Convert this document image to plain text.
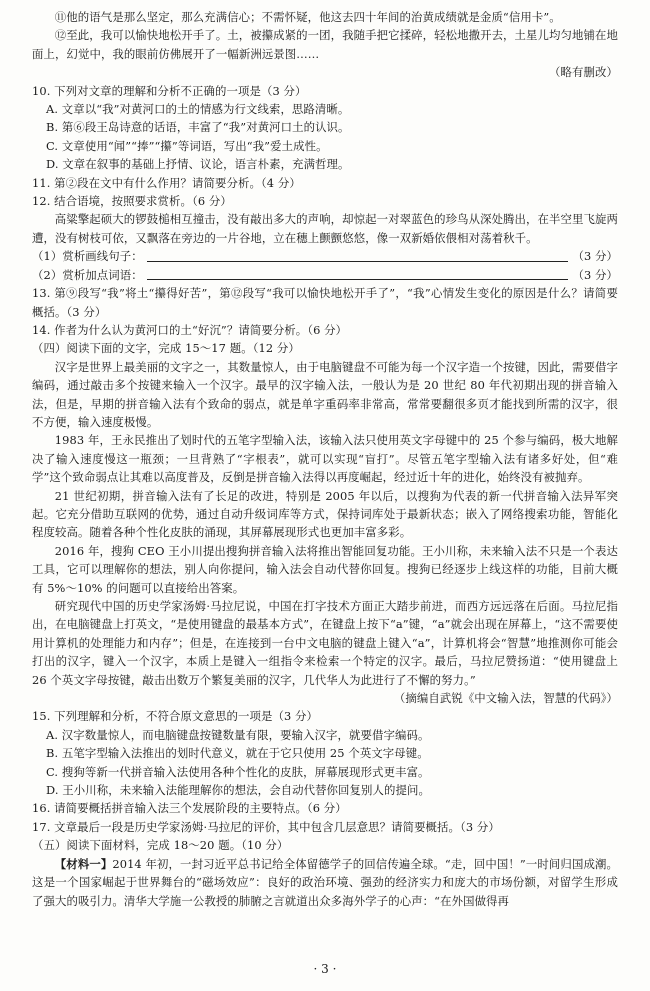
⑪他的语气是那么坚定，那么充满信心；不需怀疑，他这去四十年间的治黄成绩就是金质“信用卡”。

⑫至此，我可以愉快地松开手了。土，被攥成紧的一团，我随手把它揉碎，轻松地撒开去，土星儿均匀地铺在地面上，幻觉中，我的眼前仿佛展开了一幅新洲远景图……

（略有删改）

10. 下列对文章的理解和分析不正确的一项是（3 分）

A. 文章以“我”对黄河口的土的情感为行文线索，思路清晰。

B. 第⑥段王岛诗意的话语，丰富了“我”对黄河口土的认识。

C. 文章使用“闻”“捧”“攥”等词语，写出“我”爱土成性。

D. 文章在叙事的基础上抒情、议论，语言朴素，充满哲理。

11. 第②段在文中有什么作用？请简要分析。（4 分）

12. 结合语境，按照要求赏析。（6 分）

高粱擎起硕大的锣鼓槌相互撞击，没有敲出多大的声响，却惊起一对翠蓝色的珍鸟从深处腾出，在半空里飞旋两遭，没有树枝可依，又飘落在旁边的一片谷地，立在穗上颤颤悠悠，像一双新婚依偎相对荡着秋千。

（1）赏析画线句子：	（3 分）

（2）赏析加点词语：	（3 分）

13. 第⑨段写“我”将土“攥得好苦”，第⑫段写“我可以愉快地松开手了”，“我”心情发生变化的原因是什么？请简要概括。（3 分）

14. 作者为什么认为黄河口的土“好沉”？请简要分析。（6 分）

（四）阅读下面的文字，完成 15～17 题。（12 分）

汉字是世界上最美丽的文字之一，其数量惊人，由于电脑键盘不可能为每一个汉字造一个按键，因此，需要借字编码，通过敲击多个按键来输入一个汉字。最早的汉字输入法，一般认为是 20 世纪 80 年代初期出现的拼音输入法，但是，早期的拼音输入法有个致命的弱点，就是单字重码率非常高，常常要翻很多页才能找到所需的汉字，很不方便，输入速度极慢。

1983 年，王永民推出了划时代的五笔字型输入法，该输入法只使用英文字母键中的 25 个参与编码，极大地解决了输入速度慢这一瓶颈；一旦背熟了“字根表”，就可以实现“盲打”。尽管五笔字型输入法有诸多好处，但“难学”这个致命弱点让其难以高度普及，反倒是拼音输入法得以再度崛起，经过近十年的进化，始终没有被抛弃。

21 世纪初期，拼音输入法有了长足的改进，特别是 2005 年以后，以搜狗为代表的新一代拼音输入法异军突起。它充分借助互联网的优势，通过自动升级词库等方式，保持词库处于最新状态；嵌入了网络搜索功能，智能化程度较高。随着各种个性化皮肤的涌现，其屏幕展现形式也更加丰富多彩。

2016 年，搜狗 CEO 王小川提出搜狗拼音输入法将推出智能回复功能。王小川称，未来输入法不只是一个表达工具，它可以理解你的想法，别人向你提问，输入法会自动代替你回复。搜狗已经逐步上线这样的功能，目前大概有 5%～10% 的问题可以直接给出答案。

研究现代中国的历史学家汤姆·马拉尼说，中国在打字技术方面正大踏步前进，而西方远远落在后面。马拉尼指出，在电脑键盘上打英文，“是使用键盘的最基本方式”，在键盘上按下“a”键，“a”就会出现在屏幕上，“这不需要使用计算机的处理能力和内存”；但是，在连接到一台中文电脑的键盘上键入“a”，计算机将会“智慧”地推测你可能会打出的汉字，键入一个汉字，本质上是键入一组指令来检索一个特定的汉字。最后，马拉尼赞扬道：“使用键盘上 26 个英文字母按键，敲击出数万个繁复美丽的汉字，几代华人为此进行了不懈的努力。”

（摘编自武锐《中文输入法，智慧的代码》）

15. 下列理解和分析，不符合原文意思的一项是（3 分）

A. 汉字数量惊人，而电脑键盘按键数量有限，要输入汉字，就要借字编码。

B. 五笔字型输入法推出的划时代意义，就在于它只使用 25 个英文字母键。

C. 搜狗等新一代拼音输入法使用各种个性化的皮肤，屏幕展现形式更丰富。

D. 王小川称，未来输入法能理解你的想法，会自动代替你回复别人的提问。

16. 请简要概括拼音输入法三个发展阶段的主要特点。（6 分）

17. 文章最后一段是历史学家汤姆·马拉尼的评价，其中包含几层意思？请简要概括。（3 分）

（五）阅读下面材料，完成 18～20 题。（10 分）

【材料一】2014 年初，一封习近平总书记给全体留德学子的回信传遍全球。“走，回中国！”一时间归国成潮。这是一个国家崛起于世界舞台的“磁场效应”：良好的政治环境、强劲的经济实力和庞大的市场份额，对留学生形成了强大的吸引力。清华大学施一公教授的肺腑之言就道出众多海外学子的心声：“在外国做得再

· 3 ·
